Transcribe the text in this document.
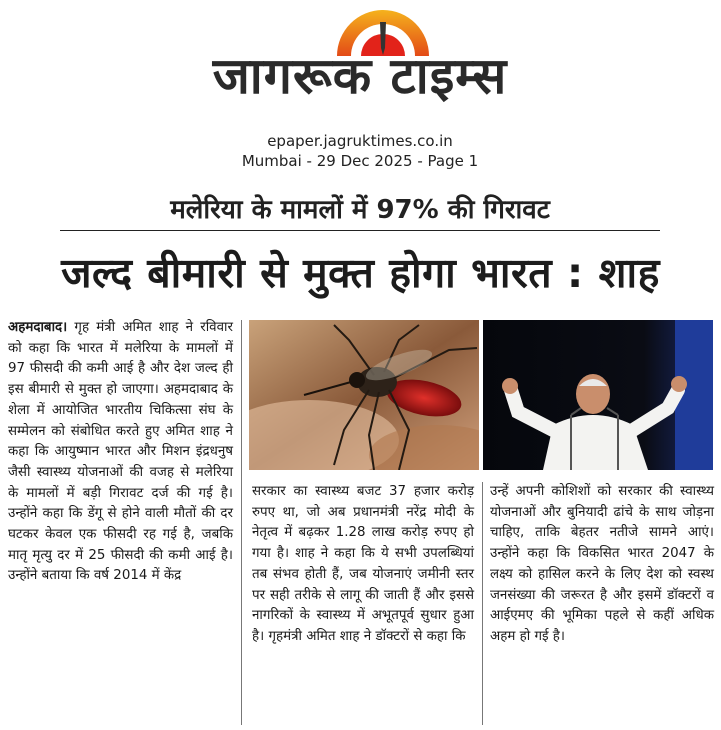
जागरूक टाइम्स
epaper.jagruktimes.co.in
Mumbai - 29 Dec 2025 - Page 1
मलेरिया के मामलों में 97% की गिरावट
जल्द बीमारी से मुक्त होगा भारत : शाह
अहमदाबाद। गृह मंत्री अमित शाह ने रविवार को कहा कि भारत में मलेरिया के मामलों में 97 फीसदी की कमी आई है और देश जल्द ही इस बीमारी से मुक्त हो जाएगा। अहमदाबाद के शेला में आयोजित भारतीय चिकित्सा संघ के सम्मेलन को संबोधित करते हुए अमित शाह ने कहा कि आयुष्मान भारत और मिशन इंद्रधनुष जैसी स्वास्थ्य योजनाओं की वजह से मलेरिया के मामलों में बड़ी गिरावट दर्ज की गई है। उन्होंने कहा कि डेंगू से होने वाली मौतों की दर घटकर केवल एक फीसदी रह गई है, जबकि मातृ मृत्यु दर में 25 फीसदी की कमी आई है। उन्होंने बताया कि वर्ष 2014 में केंद्र
सरकार का स्वास्थ्य बजट 37 हजार करोड़ रुपए था, जो अब प्रधानमंत्री नरेंद्र मोदी के नेतृत्व में बढ़कर 1.28 लाख करोड़ रुपए हो गया है। शाह ने कहा कि ये सभी उपलब्धियां तब संभव होती हैं, जब योजनाएं जमीनी स्तर पर सही तरीके से लागू की जाती हैं और इससे नागरिकों के स्वास्थ्य में अभूतपूर्व सुधार हुआ है। गृहमंत्री अमित शाह ने डॉक्टरों से कहा कि
उन्हें अपनी कोशिशों को सरकार की स्वास्थ्य योजनाओं और बुनियादी ढांचे के साथ जोड़ना चाहिए, ताकि बेहतर नतीजे सामने आएं। उन्होंने कहा कि विकसित भारत 2047 के लक्ष्य को हासिल करने के लिए देश को स्वस्थ जनसंख्या की जरूरत है और इसमें डॉक्टरों व आईएमए की भूमिका पहले से कहीं अधिक अहम हो गई है।
